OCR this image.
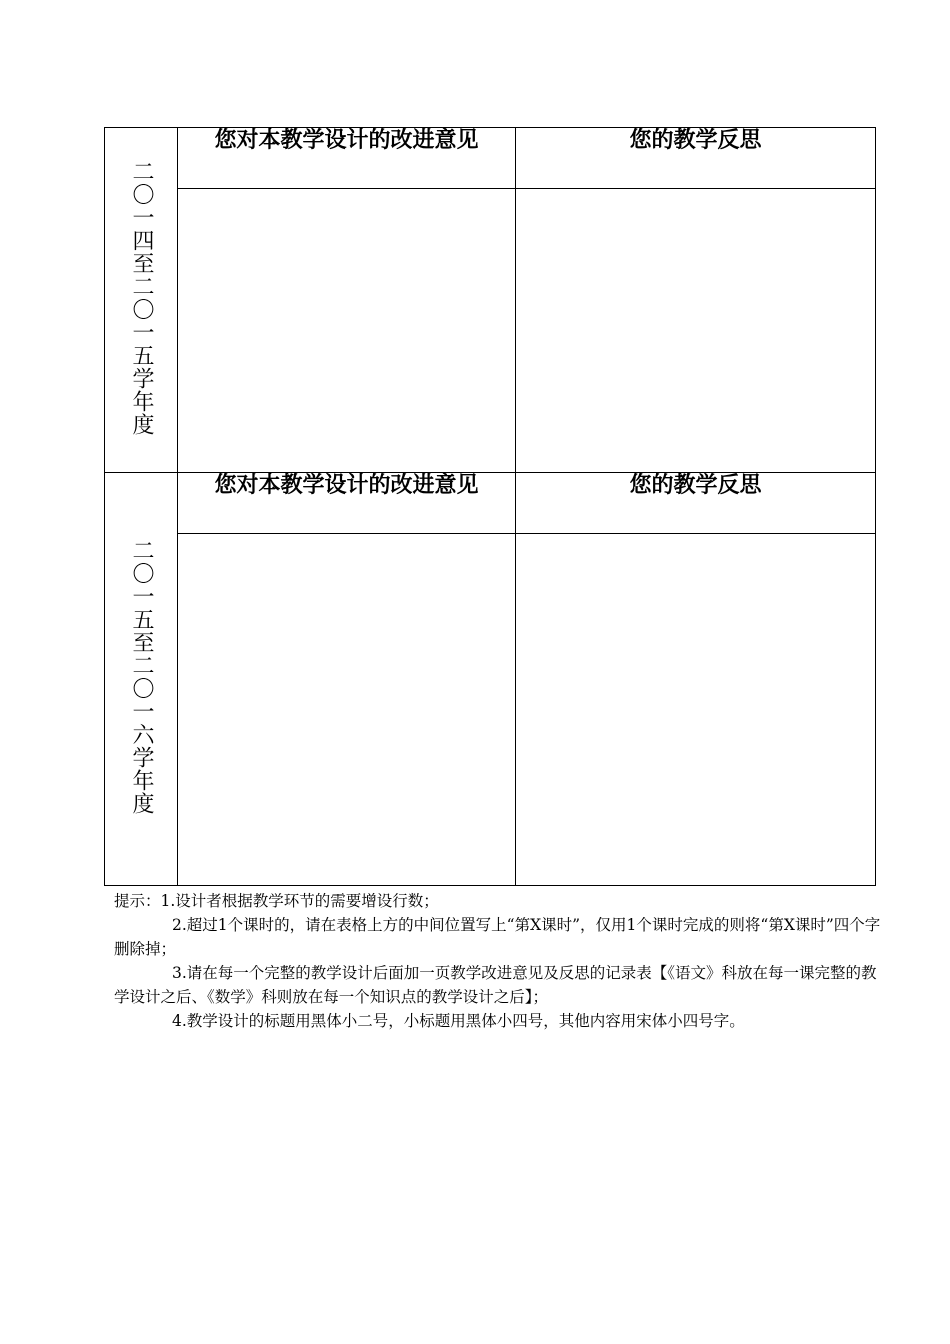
二〇一四至二〇一五学年度	您对本教学设计的改进意见	您的教学反思

二〇一五至二〇一六学年度	您对本教学设计的改进意见	您的教学反思

提示：1.设计者根据教学环节的需要增设行数；

2.超过1个课时的，请在表格上方的中间位置写上“第X课时”，仅用1个课时完成的则将“第X课时”四个字删除掉；

3.请在每一个完整的教学设计后面加一页教学改进意见及反思的记录表【《语文》科放在每一课完整的教学设计之后、《数学》科则放在每一个知识点的教学设计之后】；

4.教学设计的标题用黑体小二号，小标题用黑体小四号，其他内容用宋体小四号字。
